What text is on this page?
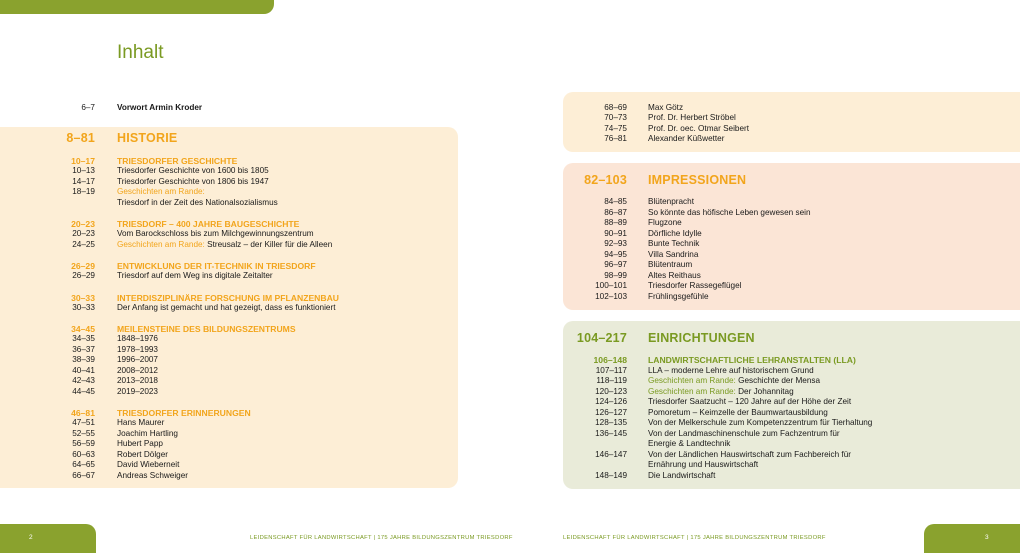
Inhalt
6–7	Vorwort Armin Kroder
8–81 HISTORIE
10–17	TRIESDORFER GESCHICHTE
10–13	Triesdorfer Geschichte von 1600 bis 1805
14–17	Triesdorfer Geschichte von 1806 bis 1947
18–19	Geschichten am Rande:
Triesdorf in der Zeit des Nationalsozialismus
20–23	TRIESDORF – 400 JAHRE BAUGESCHICHTE
20–23	Vom Barockschloss bis zum Milchgewinnungszentrum
24–25	Geschichten am Rande: Streusalz – der Killer für die Alleen
26–29	ENTWICKLUNG DER IT-TECHNIK IN TRIESDORF
26–29	Triesdorf auf dem Weg ins digitale Zeitalter
30–33	INTERDISZIPLINÄRE FORSCHUNG IM PFLANZENBAU
30–33	Der Anfang ist gemacht und hat gezeigt, dass es funktioniert
34–45	MEILENSTEINE DES BILDUNGSZENTRUMS
34–35	1848–1976
36–37	1978–1993
38–39	1996–2007
40–41	2008–2012
42–43	2013–2018
44–45	2019–2023
46–81	TRIESDORFER ERINNERUNGEN
47–51	Hans Maurer
52–55	Joachim Hartling
56–59	Hubert Papp
60–63	Robert Dölger
64–65	David Wieberneit
66–67	Andreas Schweiger
68–69	Max Götz
70–73	Prof. Dr. Herbert Ströbel
74–75	Prof. Dr. oec. Otmar Seibert
76–81	Alexander Küßwetter
82–103 IMPRESSIONEN
84–85	Blütenpracht
86–87	So könnte das höfische Leben gewesen sein
88–89	Flugzone
90–91	Dörfliche Idylle
92–93	Bunte Technik
94–95	Villa Sandrina
96–97	Blütentraum
98–99	Altes Reithaus
100–101	Triesdorfer Rassegeflügel
102–103	Frühlingsgefühle
104–217 EINRICHTUNGEN
106–148 LANDWIRTSCHAFTLICHE LEHRANSTALTEN (LLA)
107–117	LLA – moderne Lehre auf historischem Grund
118–119	Geschichten am Rande: Geschichte der Mensa
120–123	Geschichten am Rande: Der Johannitag
124–126	Triesdorfer Saatzucht – 120 Jahre auf der Höhe der Zeit
126–127	Pomoretum – Keimzelle der Baumwartausbildung
128–135	Von der Melkerschule zum Kompetenzzentrum für Tierhaltung
136–145	Von der Landmaschinenschule zum Fachzentrum für
Energie & Landtechnik
146–147	Von der Ländlichen Hauswirtschaft zum Fachbereich für
Ernährung und Hauswirtschaft
148–149	Die Landwirtschaft
2	3
LEIDENSCHAFT FÜR LANDWIRTSCHAFT | 175 JAHRE BILDUNGSZENTRUM TRIESDORF	LEIDENSCHAFT FÜR LANDWIRTSCHAFT | 175 JAHRE BILDUNGSZENTRUM TRIESDORF
